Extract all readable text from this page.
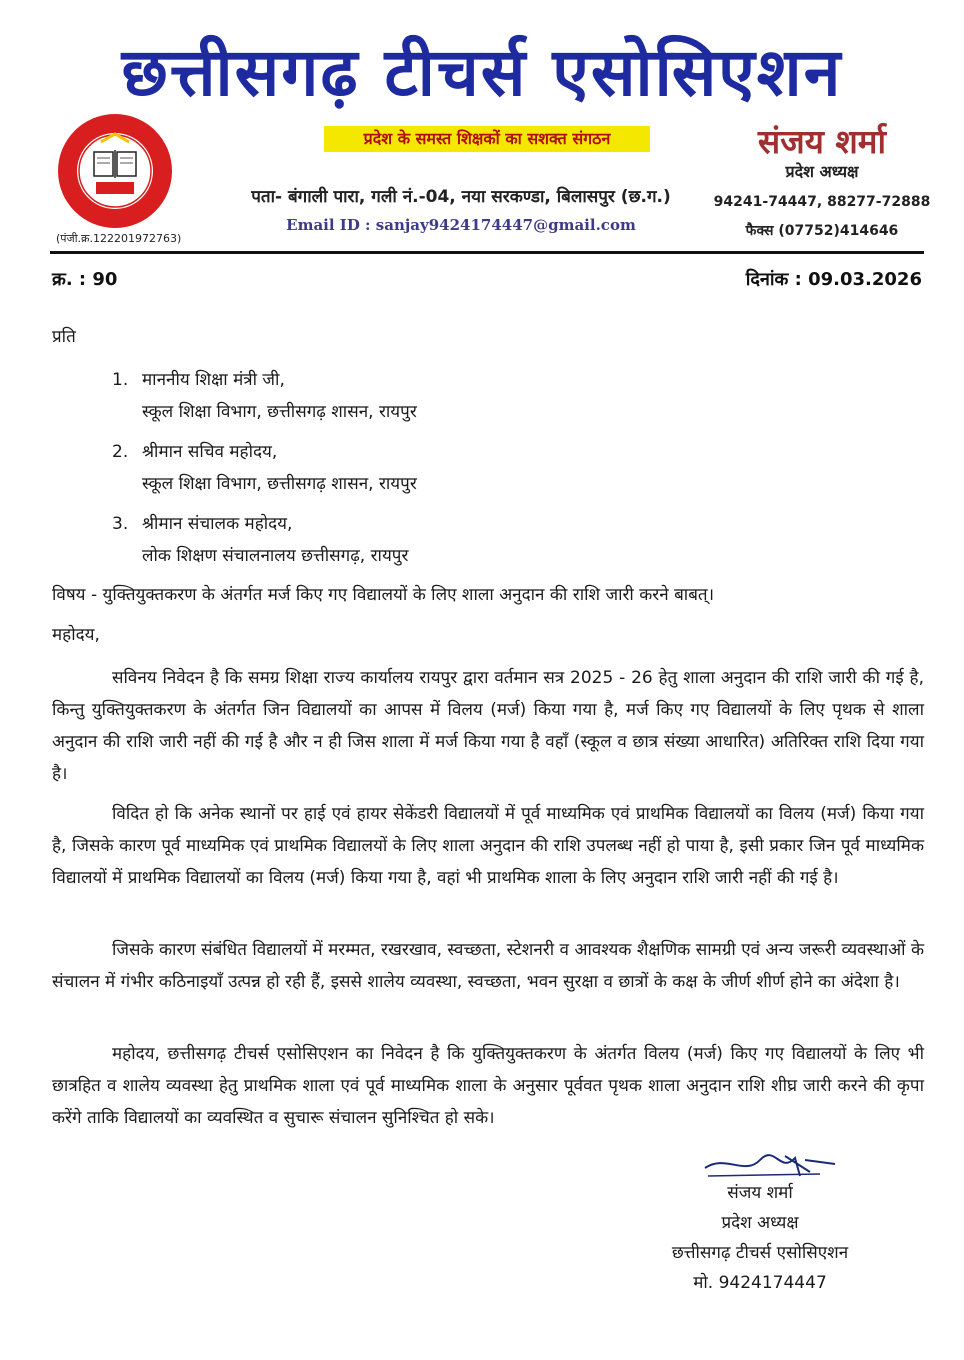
छत्तीसगढ़ टीचर्स एसोसिएशन
(पंजी.क्र.122201972763)
प्रदेश के समस्त शिक्षकों का सशक्त संगठन
पता- बंगाली पारा, गली नं.-04, नया सरकण्डा, बिलासपुर (छ.ग.)
Email ID : sanjay9424174447@gmail.com
संजय शर्मा
प्रदेश अध्यक्ष
94241-74447, 88277-72888
फैक्स (07752)414646
क्र. : 90	दिनांक : 09.03.2026
प्रति
1. माननीय शिक्षा मंत्री जी,
स्कूल शिक्षा विभाग, छत्तीसगढ़ शासन, रायपुर
2. श्रीमान सचिव महोदय,
स्कूल शिक्षा विभाग, छत्तीसगढ़ शासन, रायपुर
3. श्रीमान संचालक महोदय,
लोक शिक्षण संचालनालय छत्तीसगढ़, रायपुर
विषय - युक्तियुक्तकरण के अंतर्गत मर्ज किए गए विद्यालयों के लिए शाला अनुदान की राशि जारी करने बाबत्।
महोदय,
सविनय निवेदन है कि समग्र शिक्षा राज्य कार्यालय रायपुर द्वारा वर्तमान सत्र 2025 - 26 हेतु शाला अनुदान की राशि जारी की गई है, किन्तु युक्तियुक्तकरण के अंतर्गत जिन विद्यालयों का आपस में विलय (मर्ज) किया गया है, मर्ज किए गए विद्यालयों के लिए पृथक से शाला अनुदान की राशि जारी नहीं की गई है और न ही जिस शाला में मर्ज किया गया है वहाँ (स्कूल व छात्र संख्या आधारित) अतिरिक्त राशि दिया गया है।
विदित हो कि अनेक स्थानों पर हाई एवं हायर सेकेंडरी विद्यालयों में पूर्व माध्यमिक एवं प्राथमिक विद्यालयों का विलय (मर्ज) किया गया है, जिसके कारण पूर्व माध्यमिक एवं प्राथमिक विद्यालयों के लिए शाला अनुदान की राशि उपलब्ध नहीं हो पाया है, इसी प्रकार जिन पूर्व माध्यमिक विद्यालयों में प्राथमिक विद्यालयों का विलय (मर्ज) किया गया है, वहां भी प्राथमिक शाला के लिए अनुदान राशि जारी नहीं की गई है।
जिसके कारण संबंधित विद्यालयों में मरम्मत, रखरखाव, स्वच्छता, स्टेशनरी व आवश्यक शैक्षणिक सामग्री एवं अन्य जरूरी व्यवस्थाओं के संचालन में गंभीर कठिनाइयाँ उत्पन्न हो रही हैं, इससे शालेय व्यवस्था, स्वच्छता, भवन सुरक्षा व छात्रों के कक्ष के जीर्ण शीर्ण होने का अंदेशा है।
महोदय, छत्तीसगढ़ टीचर्स एसोसिएशन का निवेदन है कि युक्तियुक्तकरण के अंतर्गत विलय (मर्ज) किए गए विद्यालयों के लिए भी छात्रहित व शालेय व्यवस्था हेतु प्राथमिक शाला एवं पूर्व माध्यमिक शाला के अनुसार पूर्ववत पृथक शाला अनुदान राशि शीघ्र जारी करने की कृपा करेंगे ताकि विद्यालयों का व्यवस्थित व सुचारू संचालन सुनिश्चित हो सके।
संजय शर्मा
प्रदेश अध्यक्ष
छत्तीसगढ़ टीचर्स एसोसिएशन
मो. 9424174447
